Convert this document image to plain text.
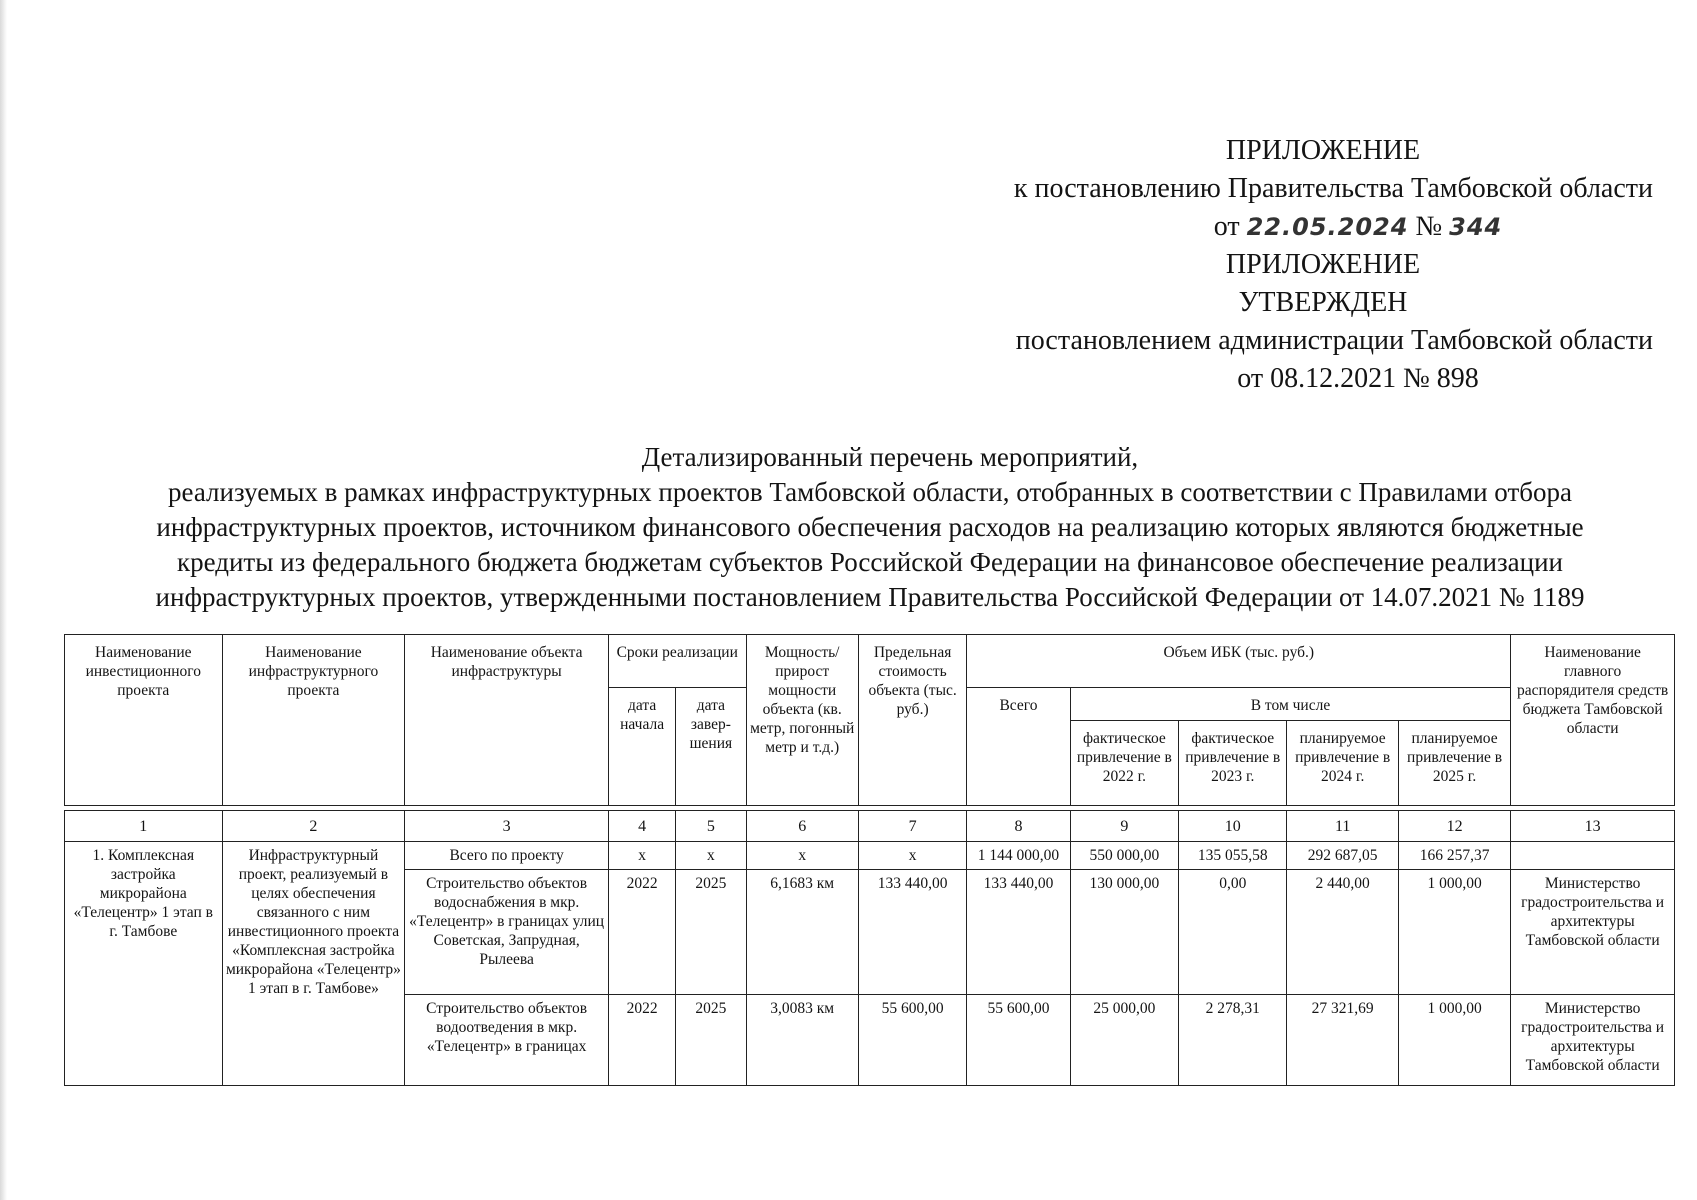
ПРИЛОЖЕНИЕ
к постановлению Правительства Тамбовской области
от 22.05.2024 № 344
ПРИЛОЖЕНИЕ
УТВЕРЖДЕН
постановлением администрации Тамбовской области
от 08.12.2021 № 898
Детализированный перечень мероприятий,
реализуемых в рамках инфраструктурных проектов Тамбовской области, отобранных в соответствии с Правилами отбора
инфраструктурных проектов, источником финансового обеспечения расходов на реализацию которых являются бюджетные
кредиты из федерального бюджета бюджетам субъектов Российской Федерации на финансовое обеспечение реализации
инфраструктурных проектов, утвержденными постановлением Правительства Российской Федерации от 14.07.2021 № 1189
Наименование инвестиционного проекта	Наименование инфраструктурного проекта	Наименование объекта инфраструктуры	Сроки реализации		Мощность/ прирост мощности объекта (кв. метр, погонный метр и т.д.)	Предельная стоимость объекта (тыс. руб.)	Объем ИБК (тыс. руб.)					Наименование главного распорядителя средств бюджета Тамбовской области
			дата начала	дата завер-шения			Всего	В том числе				
								фактическое привлечение в 2022 г.	фактическое привлечение в 2023 г.	планируемое привлечение в 2024 г.	планируемое привлечение в 2025 г.	

1	2	3	4	5	6	7	8	9	10	11	12	13
1. Комплексная застройка микрорайона «Телецентр» 1 этап в г. Тамбове	Инфраструктурный проект, реализуемый в целях обеспечения связанного с ним инвестиционного проекта «Комплексная застройка микрорайона «Телецентр» 1 этап в г. Тамбове»	Всего по проекту	x	x	x	x	1 144 000,00	550 000,00	135 055,58	292 687,05	166 257,37	
		Строительство объектов водоснабжения в мкр. «Телецентр» в границах улиц Советская, Запрудная, Рылеева	2022	2025	6,1683 км	133 440,00	133 440,00	130 000,00	0,00	2 440,00	1 000,00	Министерство градостроительства и архитектуры Тамбовской области
		Строительство объектов водоотведения в мкр. «Телецентр» в границах	2022	2025	3,0083 км	55 600,00	55 600,00	25 000,00	2 278,31	27 321,69	1 000,00	Министерство градостроительства и архитектуры Тамбовской области
